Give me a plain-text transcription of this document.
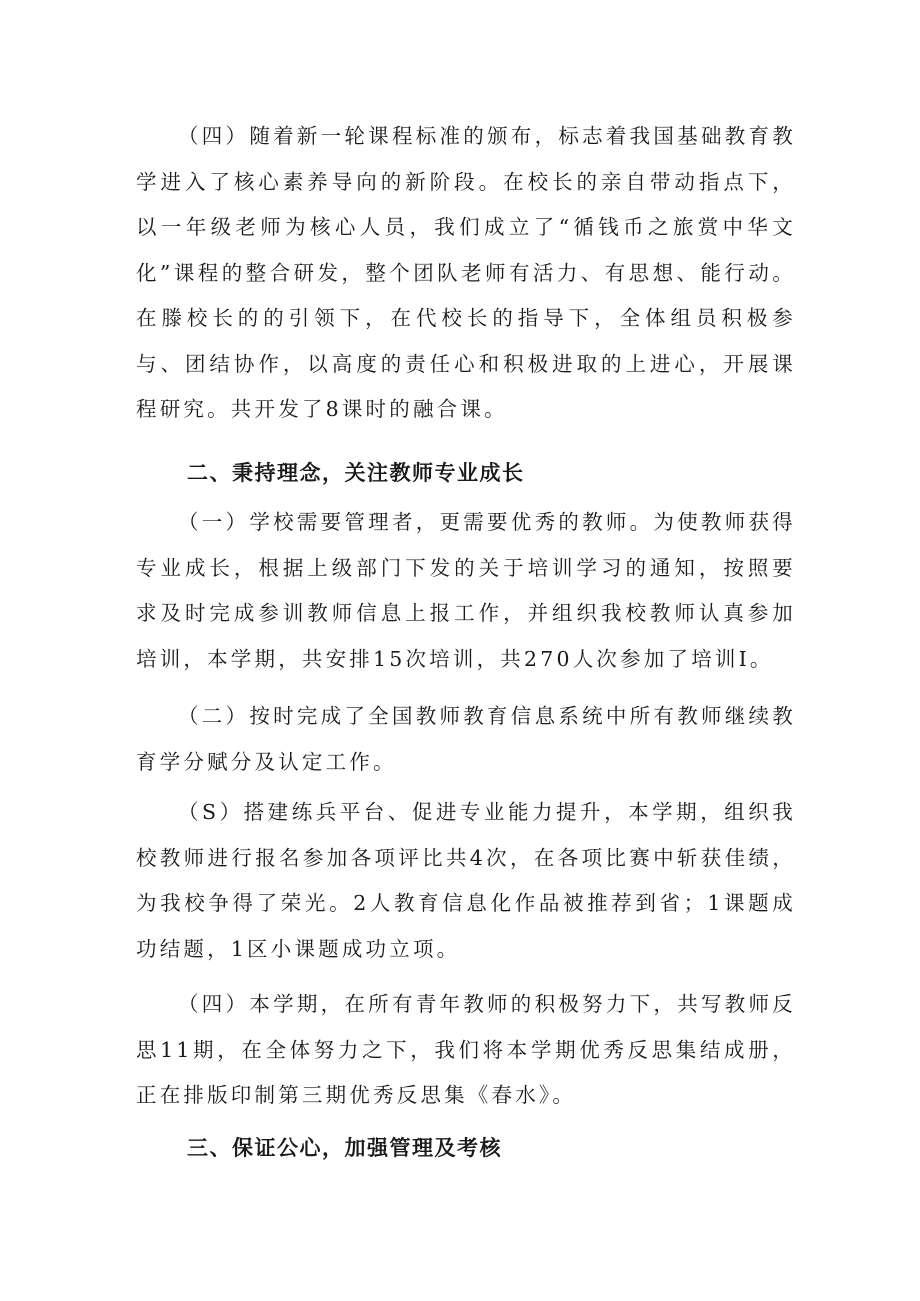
（四）随着新一轮课程标准的颁布，标志着我国基础教育教学进入了核心素养导向的新阶段。在校长的亲自带动指点下，以一年级老师为核心人员，我们成立了“循钱币之旅赏中华文化”课程的整合研发，整个团队老师有活力、有思想、能行动。在滕校长的的引领下，在代校长的指导下，全体组员积极参与、团结协作，以高度的责任心和积极进取的上进心，开展课程研究。共开发了8课时的融合课。

二、秉持理念，关注教师专业成长

（一）学校需要管理者，更需要优秀的教师。为使教师获得专业成长，根据上级部门下发的关于培训学习的通知，按照要求及时完成参训教师信息上报工作，并组织我校教师认真参加培训，本学期，共安排15次培训，共270人次参加了培训I。

（二）按时完成了全国教师教育信息系统中所有教师继续教育学分赋分及认定工作。

（S）搭建练兵平台、促进专业能力提升，本学期，组织我校教师进行报名参加各项评比共4次，在各项比赛中斩获佳绩，为我校争得了荣光。2人教育信息化作品被推荐到省；1课题成功结题，1区小课题成功立项。

（四）本学期，在所有青年教师的积极努力下，共写教师反思11期，在全体努力之下，我们将本学期优秀反思集结成册，正在排版印制第三期优秀反思集《春水》。

三、保证公心，加强管理及考核
